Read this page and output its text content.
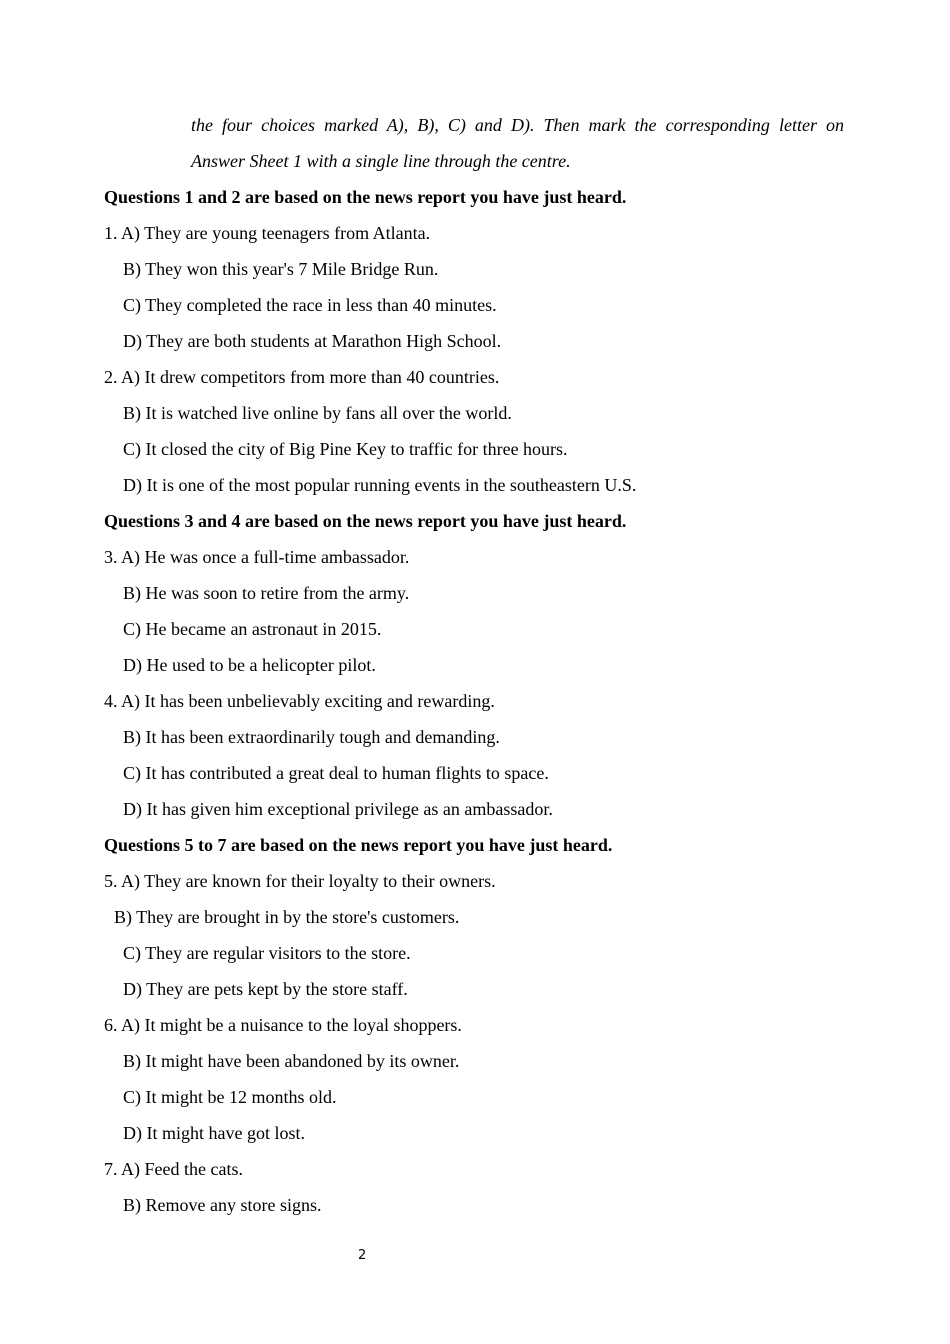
the four choices marked A), B), C) and D). Then mark the corresponding letter on
Answer Sheet 1 with a single line through the centre.
Questions 1 and 2 are based on the news report you have just heard.
1. A) They are young teenagers from Atlanta.
B) They won this year's 7 Mile Bridge Run.
C) They completed the race in less than 40 minutes.
D) They are both students at Marathon High School.
2. A) It drew competitors from more than 40 countries.
B) It is watched live online by fans all over the world.
C) It closed the city of Big Pine Key to traffic for three hours.
D) It is one of the most popular running events in the southeastern U.S.
Questions 3 and 4 are based on the news report you have just heard.
3. A) He was once a full-time ambassador.
B) He was soon to retire from the army.
C) He became an astronaut in 2015.
D) He used to be a helicopter pilot.
4. A) It has been unbelievably exciting and rewarding.
B) It has been extraordinarily tough and demanding.
C) It has contributed a great deal to human flights to space.
D) It has given him exceptional privilege as an ambassador.
Questions 5 to 7 are based on the news report you have just heard.
5. A) They are known for their loyalty to their owners.
B) They are brought in by the store's customers.
C) They are regular visitors to the store.
D) They are pets kept by the store staff.
6. A) It might be a nuisance to the loyal shoppers.
B) It might have been abandoned by its owner.
C) It might be 12 months old.
D) It might have got lost.
7. A) Feed the cats.
B) Remove any store signs.
2
